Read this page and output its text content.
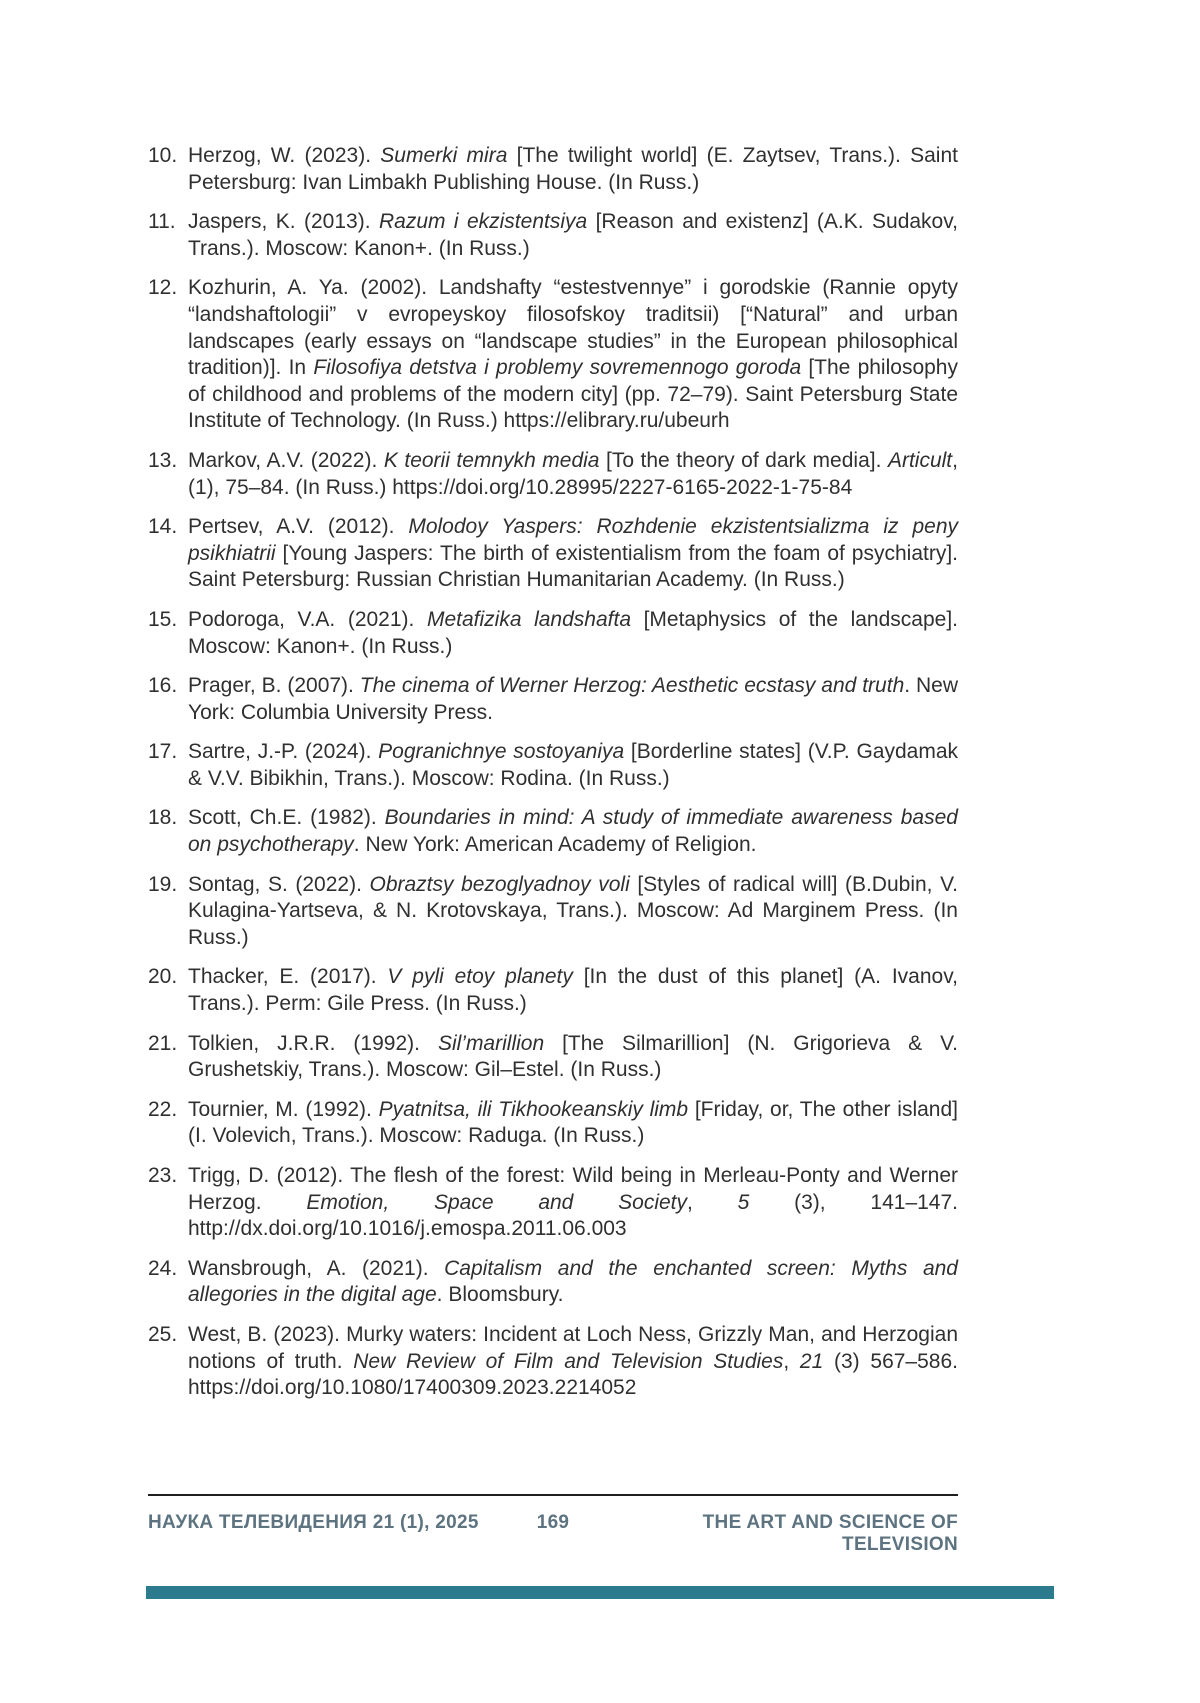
10. Herzog, W. (2023). Sumerki mira [The twilight world] (E. Zaytsev, Trans.). Saint Petersburg: Ivan Limbakh Publishing House. (In Russ.)
11. Jaspers, K. (2013). Razum i ekzistentsiya [Reason and existenz] (A.K. Sudakov, Trans.). Moscow: Kanon+. (In Russ.)
12. Kozhurin, A. Ya. (2002). Landshafty “estestvennye” i gorodskie (Rannie opyty “landshaftologii” v evropeyskoy filosofskoy traditsii) [“Natural” and urban landscapes (early essays on “landscape studies” in the European philosophical tradition)]. In Filosofiya detstva i problemy sovremennogo goroda [The philosophy of childhood and problems of the modern city] (pp. 72–79). Saint Petersburg State Institute of Technology. (In Russ.) https://elibrary.ru/ubeurh
13. Markov, A.V. (2022). K teorii temnykh media [To the theory of dark media]. Articult, (1), 75–84. (In Russ.) https://doi.org/10.28995/2227-6165-2022-1-75-84
14. Pertsev, A.V. (2012). Molodoy Yaspers: Rozhdenie ekzistentsializma iz peny psikhiatrii [Young Jaspers: The birth of existentialism from the foam of psychiatry]. Saint Petersburg: Russian Christian Humanitarian Academy. (In Russ.)
15. Podoroga, V.A. (2021). Metafizika landshafta [Metaphysics of the landscape]. Moscow: Kanon+. (In Russ.)
16. Prager, B. (2007). The cinema of Werner Herzog: Aesthetic ecstasy and truth. New York: Columbia University Press.
17. Sartre, J.-P. (2024). Pogranichnye sostoyaniya [Borderline states] (V.P. Gaydamak & V.V. Bibikhin, Trans.). Moscow: Rodina. (In Russ.)
18. Scott, Ch.E. (1982). Boundaries in mind: A study of immediate awareness based on psychotherapy. New York: American Academy of Religion.
19. Sontag, S. (2022). Obraztsy bezoglyadnoy voli [Styles of radical will] (B.Dubin, V. Kulagina-Yartseva, & N. Krotovskaya, Trans.). Moscow: Ad Marginem Press. (In Russ.)
20. Thacker, E. (2017). V pyli etoy planety [In the dust of this planet] (A. Ivanov, Trans.). Perm: Gile Press. (In Russ.)
21. Tolkien, J.R.R. (1992). Sil’marillion [The Silmarillion] (N. Grigorieva & V. Grushetskiy, Trans.). Moscow: Gil–Estel. (In Russ.)
22. Tournier, M. (1992). Pyatnitsa, ili Tikhookeanskiy limb [Friday, or, The other island] (I. Volevich, Trans.). Moscow: Raduga. (In Russ.)
23. Trigg, D. (2012). The flesh of the forest: Wild being in Merleau-Ponty and Werner Herzog. Emotion, Space and Society, 5 (3), 141–147. http://dx.doi.org/10.1016/j.emospa.2011.06.003
24. Wansbrough, A. (2021). Capitalism and the enchanted screen: Myths and allegories in the digital age. Bloomsbury.
25. West, B. (2023). Murky waters: Incident at Loch Ness, Grizzly Man, and Herzogian notions of truth. New Review of Film and Television Studies, 21 (3) 567–586. https://doi.org/10.1080/17400309.2023.2214052
НАУКА ТЕЛЕВИДЕНИЯ 21 (1), 2025	169	THE ART AND SCIENCE OF TELEVISION
